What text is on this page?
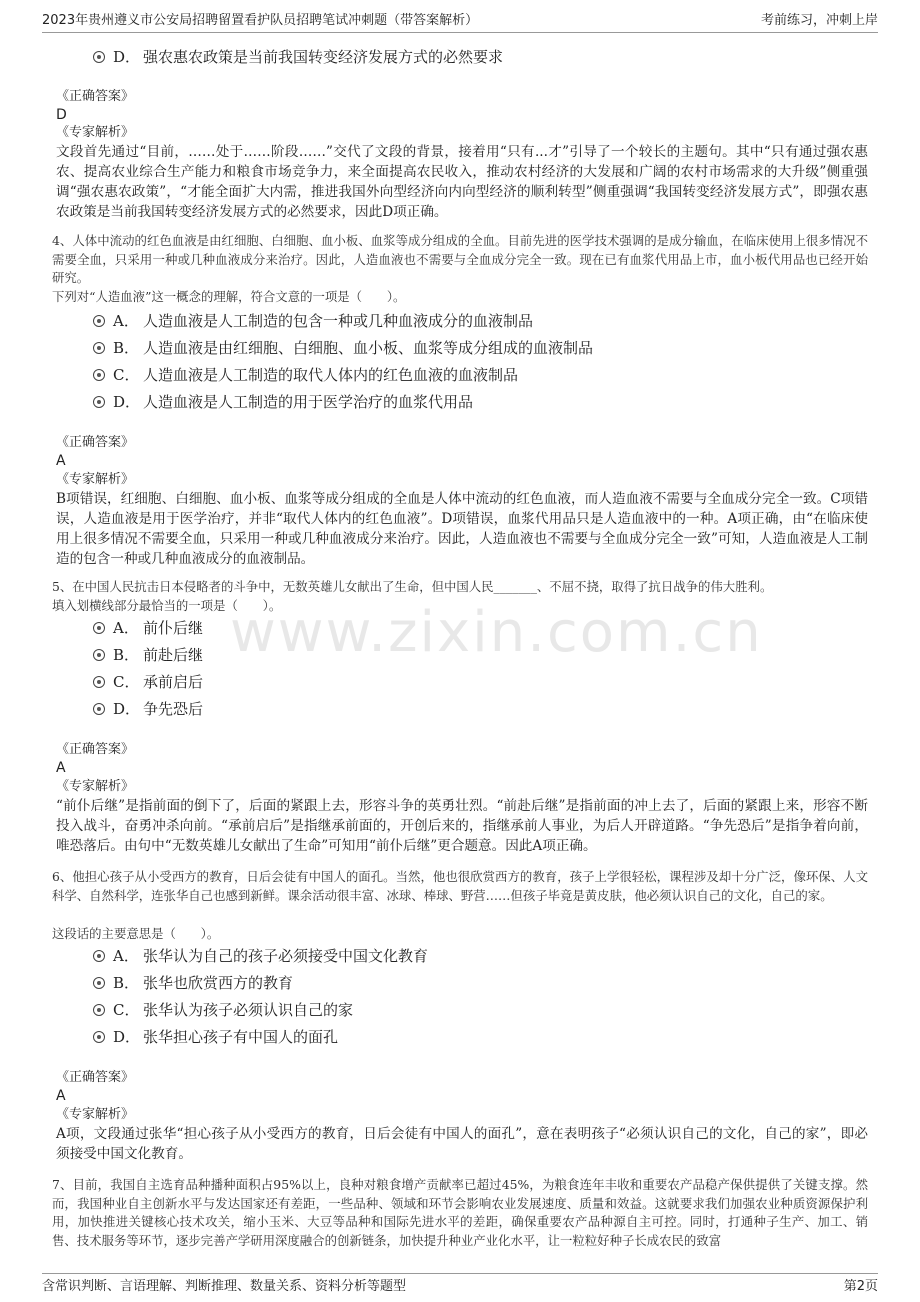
2023年贵州遵义市公安局招聘留置看护队员招聘笔试冲刺题（带答案解析）	考前练习，冲刺上岸
www.zixin.com.cn
D． 强农惠农政策是当前我国转变经济发展方式的必然要求
《正确答案》
D
《专家解析》
文段首先通过“目前，……处于……阶段……”交代了文段的背景，接着用“只有...才”引导了一个较长的主题句。其中“只有通过强农惠农、提高农业综合生产能力和粮食市场竞争力，来全面提高农民收入，推动农村经济的大发展和广阔的农村市场需求的大升级”侧重强调“强农惠农政策”，“才能全面扩大内需，推进我国外向型经济向内向型经济的顺利转型”侧重强调“我国转变经济发展方式”，即强农惠农政策是当前我国转变经济发展方式的必然要求，因此D项正确。
4、人体中流动的红色血液是由红细胞、白细胞、血小板、血浆等成分组成的全血。目前先进的医学技术强调的是成分输血，在临床使用上很多情况不需要全血，只采用一种或几种血液成分来治疗。因此，人造血液也不需要与全血成分完全一致。现在已有血浆代用品上市，血小板代用品也已经开始研究。
下列对“人造血液”这一概念的理解，符合文意的一项是（　　）。
A． 人造血液是人工制造的包含一种或几种血液成分的血液制品
B． 人造血液是由红细胞、白细胞、血小板、血浆等成分组成的血液制品
C． 人造血液是人工制造的取代人体内的红色血液的血液制品
D． 人造血液是人工制造的用于医学治疗的血浆代用品
《正确答案》
A
《专家解析》
B项错误，红细胞、白细胞、血小板、血浆等成分组成的全血是人体中流动的红色血液，而人造血液不需要与全血成分完全一致。C项错误，人造血液是用于医学治疗，并非“取代人体内的红色血液”。D项错误，血浆代用品只是人造血液中的一种。A项正确，由“在临床使用上很多情况不需要全血，只采用一种或几种血液成分来治疗。因此，人造血液也不需要与全血成分完全一致”可知，人造血液是人工制造的包含一种或几种血液成分的血液制品。
5、在中国人民抗击日本侵略者的斗争中，无数英雄儿女献出了生命，但中国人民_______、不屈不挠，取得了抗日战争的伟大胜利。
填入划横线部分最恰当的一项是（　　）。
A． 前仆后继
B． 前赴后继
C． 承前启后
D． 争先恐后
《正确答案》
A
《专家解析》
“前仆后继”是指前面的倒下了，后面的紧跟上去，形容斗争的英勇壮烈。“前赴后继”是指前面的冲上去了，后面的紧跟上来，形容不断投入战斗，奋勇冲杀向前。“承前启后”是指继承前面的，开创后来的，指继承前人事业，为后人开辟道路。“争先恐后”是指争着向前，唯恐落后。由句中“无数英雄儿女献出了生命”可知用“前仆后继”更合题意。因此A项正确。
6、他担心孩子从小受西方的教育，日后会徒有中国人的面孔。当然，他也很欣赏西方的教育，孩子上学很轻松，课程涉及却十分广泛，像环保、人文科学、自然科学，连张华自己也感到新鲜。课余活动很丰富、冰球、棒球、野营……但孩子毕竟是黄皮肤，他必须认识自己的文化，自己的家。
这段话的主要意思是（　　）。
A． 张华认为自己的孩子必须接受中国文化教育
B． 张华也欣赏西方的教育
C． 张华认为孩子必须认识自己的家
D． 张华担心孩子有中国人的面孔
《正确答案》
A
《专家解析》
A项，文段通过张华“担心孩子从小受西方的教育，日后会徒有中国人的面孔”，意在表明孩子“必须认识自己的文化，自己的家”，即必须接受中国文化教育。
7、目前，我国自主选育品种播种面积占95%以上，良种对粮食增产贡献率已超过45%，为粮食连年丰收和重要农产品稳产保供提供了关键支撑。然而，我国种业自主创新水平与发达国家还有差距，一些品种、领域和环节会影响农业发展速度、质量和效益。这就要求我们加强农业种质资源保护利用，加快推进关键核心技术攻关，缩小玉米、大豆等品种和国际先进水平的差距，确保重要农产品种源自主可控。同时，打通种子生产、加工、销售、技术服务等环节，逐步完善产学研用深度融合的创新链条，加快提升种业产业化水平，让一粒粒好种子长成农民的致富
含常识判断、言语理解、判断推理、数量关系、资料分析等题型	第2页
